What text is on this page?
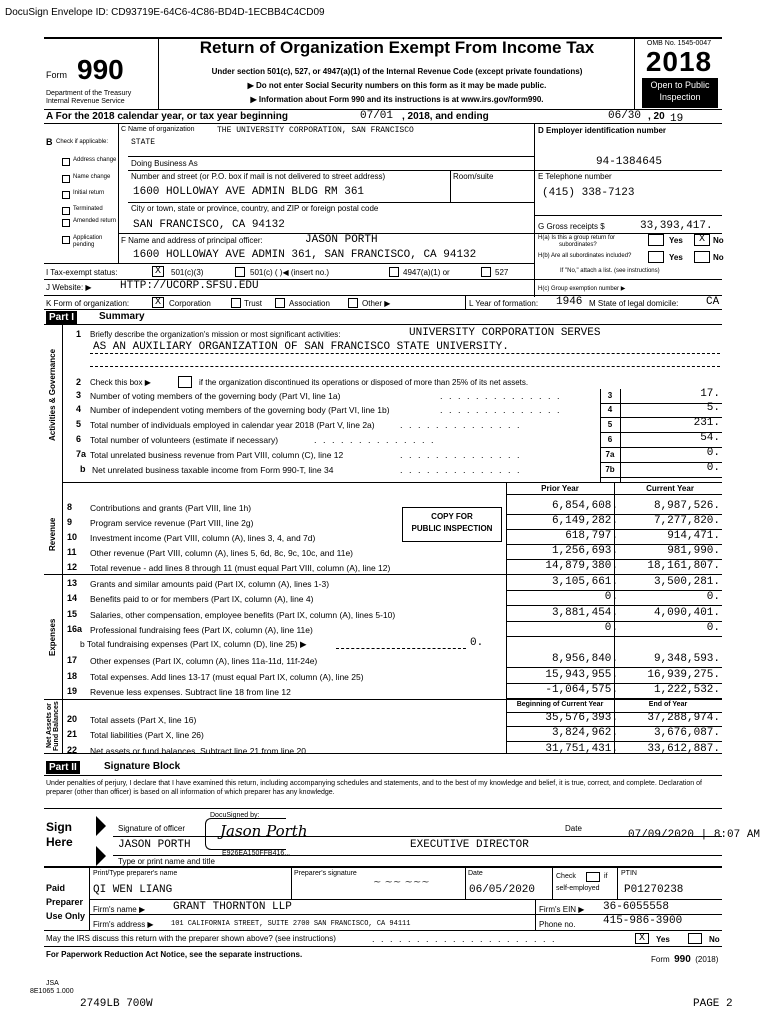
DocuSign Envelope ID: CD93719E-64C6-4C86-BD4D-1ECBB4C4CD09
Form 990
Department of the Treasury
Internal Revenue Service
Return of Organization Exempt From Income Tax
Under section 501(c), 527, or 4947(a)(1) of the Internal Revenue Code (except private foundations)
▶ Do not enter Social Security numbers on this form as it may be made public.
▶ Information about Form 990 and its instructions is at www.irs.gov/form990.
OMB No. 1545-0047
2018
Open to Public
Inspection
A For the 2018 calendar year, or tax year beginning	07/01 , 2018, and ending	06/30 , 20 19
B Check if applicable:
Address change
Name change
Initial return
Terminated
Amended return
Application pending
C Name of organization	THE UNIVERSITY CORPORATION, SAN FRANCISCO
STATE
Doing Business As
Number and street (or P.O. box if mail is not delivered to street address)	Room/suite
1600 HOLLOWAY AVE ADMIN BLDG RM 361
City or town, state or province, country, and ZIP or foreign postal code
SAN FRANCISCO, CA 94132
F Name and address of principal officer:	JASON PORTH
1600 HOLLOWAY AVE ADMIN 361, SAN FRANCISCO, CA 94132
D Employer identification number
94-1384645
E Telephone number
(415) 338-7123
G Gross receipts $	33,393,417.
H(a) Is this a group return for
subordinates?	Yes	X	No
H(b) Are all subordinates included?	Yes	No
If "No," attach a list. (see instructions)
I Tax-exempt status:	X	501(c)(3)	501(c) ( )◀ (insert no.)	4947(a)(1) or	527
J Website: ▶	HTTP://UCORP.SFSU.EDU	H(c) Group exemption number ▶
K Form of organization:	X	Corporation	Trust	Association	Other ▶	L Year of formation: 1946 M State of legal domicile:	CA
Part I	Summary
Activities & Governance
1 Briefly describe the organization's mission or most significant activities:	UNIVERSITY CORPORATION SERVES
AS AN AUXILIARY ORGANIZATION OF SAN FRANCISCO STATE UNIVERSITY.
2 Check this box ▶	if the organization discontinued its operations or disposed of more than 25% of its net assets.
3 Number of voting members of the governing body (Part VI, line 1a)	. . . . . . . . . . . . . .	3	17.
4 Number of independent voting members of the governing body (Part VI, line 1b)	. . . . . . . . . . . . . .	4	5.
5 Total number of individuals employed in calendar year 2018 (Part V, line 2a)	. . . . . . . . . . . . . .	5	231.
6 Total number of volunteers (estimate if necessary)	. . . . . . . . . . . . . .	6	54.
7a Total unrelated business revenue from Part VIII, column (C), line 12	. . . . . . . . . . . . . .	7a	0.
b Net unrelated business taxable income from Form 990-T, line 34	. . . . . . . . . . . . . .	7b	0.
Prior Year	Current Year
Revenue
Expenses
Net Assets or Fund Balances
COPY FOR
PUBLIC INSPECTION
8 Contributions and grants (Part VIII, line 1h)	6,854,608.	8,987,526.
9 Program service revenue (Part VIII, line 2g)	6,149,282.	7,277,820.
10 Investment income (Part VIII, column (A), lines 3, 4, and 7d)	618,797.	914,471.
11 Other revenue (Part VIII, column (A), lines 5, 6d, 8c, 9c, 10c, and 11e)	1,256,693.	981,990.
12 Total revenue - add lines 8 through 11 (must equal Part VIII, column (A), line 12)	14,879,380.	18,161,807.
13 Grants and similar amounts paid (Part IX, column (A), lines 1-3)	3,105,661.	3,500,281.
14 Benefits paid to or for members (Part IX, column (A), line 4)	0.	0.
15 Salaries, other compensation, employee benefits (Part IX, column (A), lines 5-10)	3,881,454.	4,090,401.
16a Professional fundraising fees (Part IX, column (A), line 11e)	0.	0.
17 Other expenses (Part IX, column (A), lines 11a-11d, 11f-24e)	8,956,840.	9,348,593.
18 Total expenses. Add lines 13-17 (must equal Part IX, column (A), line 25)	15,943,955.	16,939,275.
19 Revenue less expenses. Subtract line 18 from line 12	-1,064,575.	1,222,532.
b Total fundraising expenses (Part IX, column (D), line 25) ▶	0.
Beginning of Current Year	End of Year
20 Total assets (Part X, line 16)	35,576,393.	37,288,974.
21 Total liabilities (Part X, line 26)	3,824,962.	3,676,087.
22 Net assets or fund balances. Subtract line 21 from line 20	31,751,431.	33,612,887.
Part II	Signature Block
Under penalties of perjury, I declare that I have examined this return, including accompanying schedules and statements, and to the best of my knowledge and belief, it is true, correct, and complete. Declaration of preparer (other than officer) is based on all information of which preparer has any knowledge.
Sign
Here
DocuSigned by:
Jason Porth
E926EA150FFB416...
Signature of officer	Date
07/09/2020 | 8:07 AM
JASON PORTH	EXECUTIVE DIRECTOR
Type or print name and title
Paid
Preparer
Use Only
Print/Type preparer's name	Preparer's signature
~ ~~ ~~~
Date	Check	if
self-employed
PTIN
QI WEN LIANG	06/05/2020	P01270238
Firm's name ▶	GRANT THORNTON LLP	Firm's EIN ▶ 36-6055558
Firm's address ▶ 101 CALIFORNIA STREET, SUITE 2700 SAN FRANCISCO, CA 94111	Phone no.	415-986-3900
May the IRS discuss this return with the preparer shown above? (see instructions)	. . . . . . . . . . . . . . . . . . . . .	X	Yes	No
For Paperwork Reduction Act Notice, see the separate instructions.
Form 990 (2018)
JSA
8E1065 1.000
2749LB 700W	PAGE 2
